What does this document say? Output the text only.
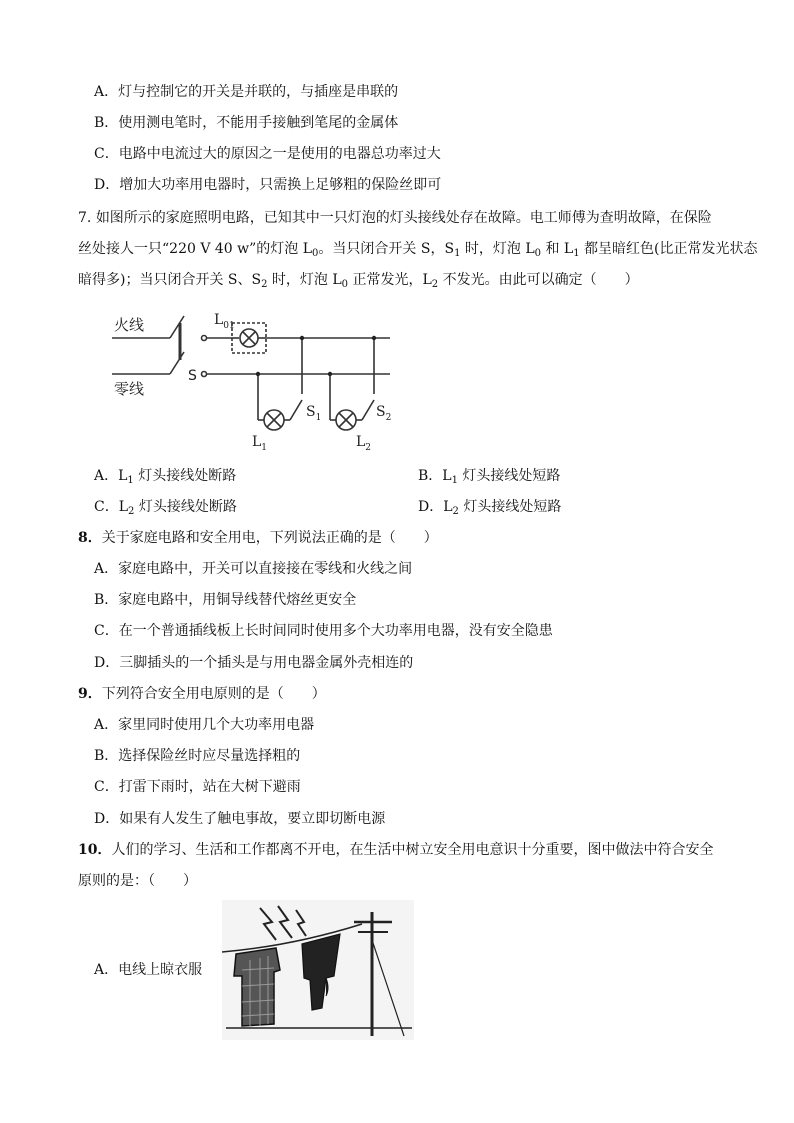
A．灯与控制它的开关是并联的，与插座是串联的
B．使用测电笔时，不能用手接触到笔尾的金属体
C．电路中电流过大的原因之一是使用的电器总功率过大
D．增加大功率用电器时，只需换上足够粗的保险丝即可
7. 如图所示的家庭照明电路，已知其中一只灯泡的灯头接线处存在故障。电工师傅为查明故障，在保险
丝处接人一只“220 V 40 w”的灯泡 $L_0$。当只闭合开关 S，$S_1$ 时，灯泡 $L_0$ 和 $L_1$ 都呈暗红色(比正常发光状态
暗得多)；当只闭合开关 S、$S_2$ 时，灯泡 $L_0$ 正常发光，$L_2$ 不发光。由此可以确定（　　）
火线
零线
S
$L_{01}$
$S_1$	$S_2$
$L_1$	$L_2$
A．$L_1$ 灯头接线处断路	B．$L_1$ 灯头接线处短路
C．$L_2$ 灯头接线处断路	D．$L_2$ 灯头接线处短路
8．关于家庭电路和安全用电，下列说法正确的是（　　）
A．家庭电路中，开关可以直接接在零线和火线之间
B．家庭电路中，用铜导线替代熔丝更安全
C．在一个普通插线板上长时间同时使用多个大功率用电器，没有安全隐患
D．三脚插头的一个插头是与用电器金属外壳相连的
9．下列符合安全用电原则的是（　　）
A．家里同时使用几个大功率用电器
B．选择保险丝时应尽量选择粗的
C．打雷下雨时，站在大树下避雨
D．如果有人发生了触电事故，要立即切断电源
10．人们的学习、生活和工作都离不开电，在生活中树立安全用电意识十分重要，图中做法中符合安全
原则的是：（　　）
A．电线上晾衣服
